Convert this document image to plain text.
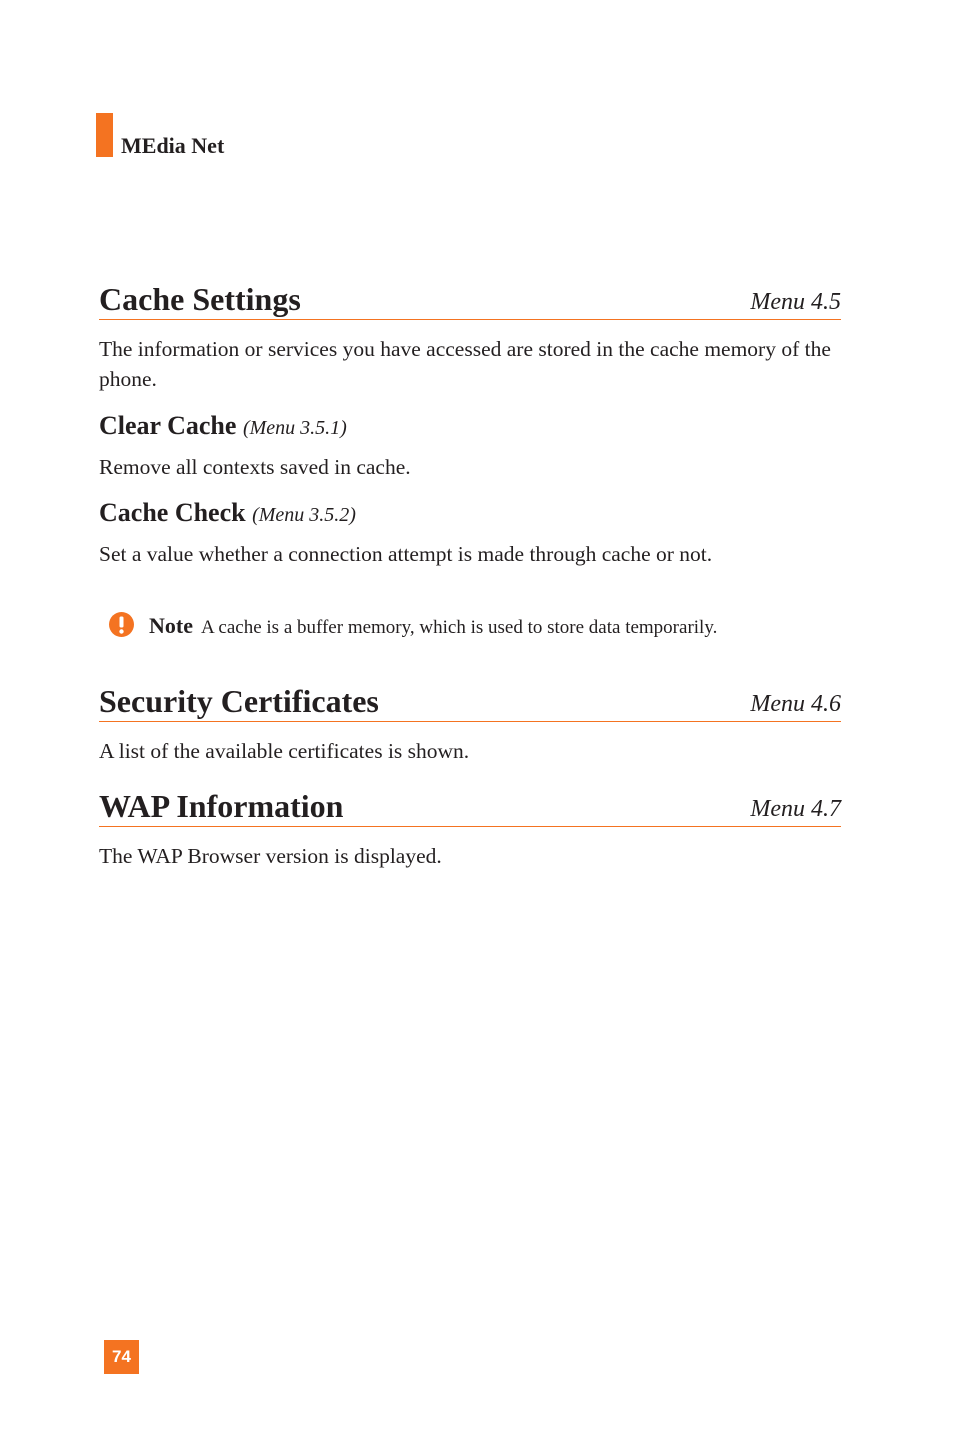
MEdia Net
Cache Settings	Menu 4.5

The information or services you have accessed are stored in the cache memory of the phone.

Clear Cache (Menu 3.5.1)

Remove all contexts saved in cache.

Cache Check (Menu 3.5.2)

Set a value whether a connection attempt is made through cache or not.

Note A cache is a buffer memory, which is used to store data temporarily.
Security Certificates	Menu 4.6

A list of the available certificates is shown.

WAP Information	Menu 4.7

The WAP Browser version is displayed.

74
